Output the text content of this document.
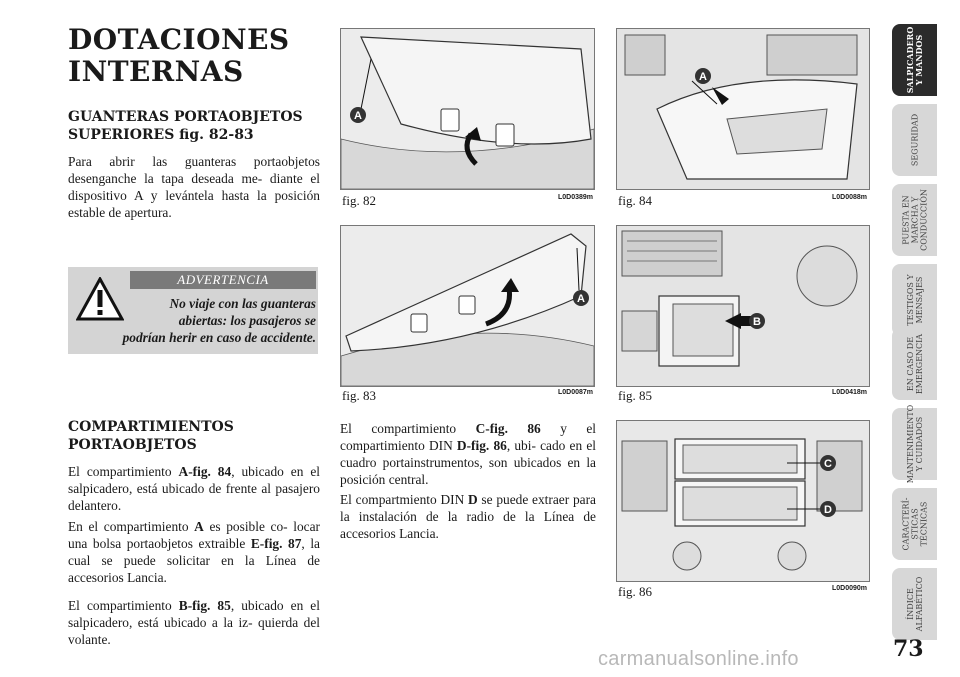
DOTACIONES
INTERNAS
GUANTERAS PORTAOBJETOS
SUPERIORES fig. 82-83
Para abrir las guanteras portaobjetos desenganche la tapa deseada me- diante el dispositivo A y levántela hasta la posición estable de apertura.
ADVERTENCIA
No viaje con las guanteras
abiertas: los pasajeros se
podrían herir en caso de accidente.
COMPARTIMIENTOS
PORTAOBJETOS
El compartimiento A-fig. 84, ubicado en el salpicadero, está ubicado de frente al pasajero delantero.
En el compartimiento A es posible co- locar una bolsa portaobjetos extraible E-fig. 87, la cual se puede solicitar en la Línea de accesorios Lancia.
El compartimiento B-fig. 85, ubicado en el salpicadero, está ubicado a la iz- quierda del volante.
El compartimiento C-fig. 86 y el compartimiento DIN D-fig. 86, ubi- cado en el cuadro portainstrumentos, son ubicados en la posición central.
El compartmiento DIN D se puede extraer para la instalación de la radio de la Línea de accesorios Lancia.
A
fig. 82	L0D0389m
A
fig. 83	L0D0087m
A
fig. 84	L0D0088m
B
fig. 85	L0D0418m
C
D
fig. 86	L0D0090m
SALPICADERO
Y MANDOS
SEGURIDAD
PUESTA EN
MARCHA Y
CONDUCCIÓN
TESTIGOS Y
MENSAJES
EN CASO DE
EMERGENCIA
MANTENIMIENTO
Y CUIDADOS
CARACTERÍ-
STICAS
TÉCNICAS
ÍNDICE
ALFABÉTICO
73
carmanualsonline.info
